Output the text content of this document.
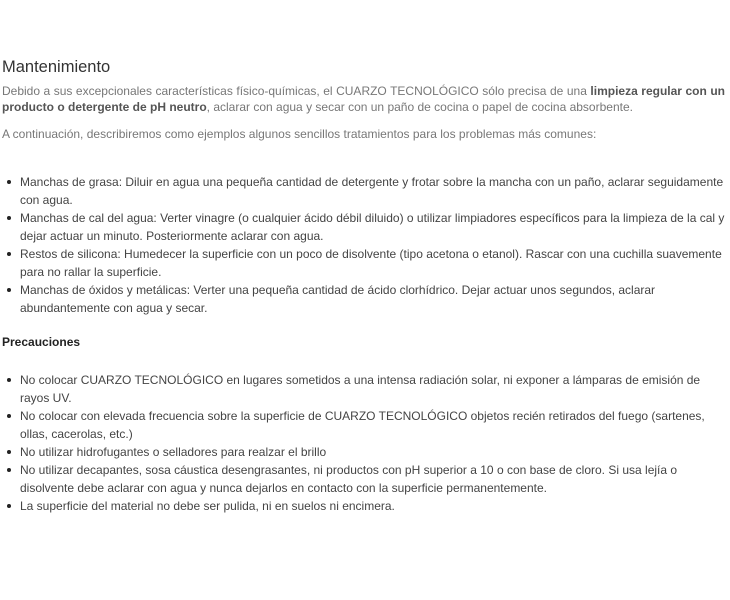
Mantenimiento

Debido a sus excepcionales características físico-químicas, el CUARZO TECNOLÓGICO sólo precisa de una limpieza regular con un producto o detergente de pH neutro, aclarar con agua y secar con un paño de cocina o papel de cocina absorbente.

A continuación, describiremos como ejemplos algunos sencillos tratamientos para los problemas más comunes:

Manchas de grasa: Diluir en agua una pequeña cantidad de detergente y frotar sobre la mancha con un paño, aclarar seguidamente con agua.
Manchas de cal del agua: Verter vinagre (o cualquier ácido débil diluido) o utilizar limpiadores específicos para la limpieza de la cal y dejar actuar un minuto. Posteriormente aclarar con agua.
Restos de silicona: Humedecer la superficie con un poco de disolvente (tipo acetona o etanol). Rascar con una cuchilla suavemente para no rallar la superficie.
Manchas de óxidos y metálicas: Verter una pequeña cantidad de ácido clorhídrico. Dejar actuar unos segundos, aclarar abundantemente con agua y secar.
Precauciones
No colocar CUARZO TECNOLÓGICO en lugares sometidos a una intensa radiación solar, ni exponer a lámparas de emisión de rayos UV.
No colocar con elevada frecuencia sobre la superficie de CUARZO TECNOLÓGICO objetos recién retirados del fuego (sartenes, ollas, cacerolas, etc.)
No utilizar hidrofugantes o selladores para realzar el brillo
No utilizar decapantes, sosa cáustica desengrasantes, ni productos con pH superior a 10 o con base de cloro. Si usa lejía o disolvente debe aclarar con agua y nunca dejarlos en contacto con la superficie permanentemente.
La superficie del material no debe ser pulida, ni en suelos ni encimera.
